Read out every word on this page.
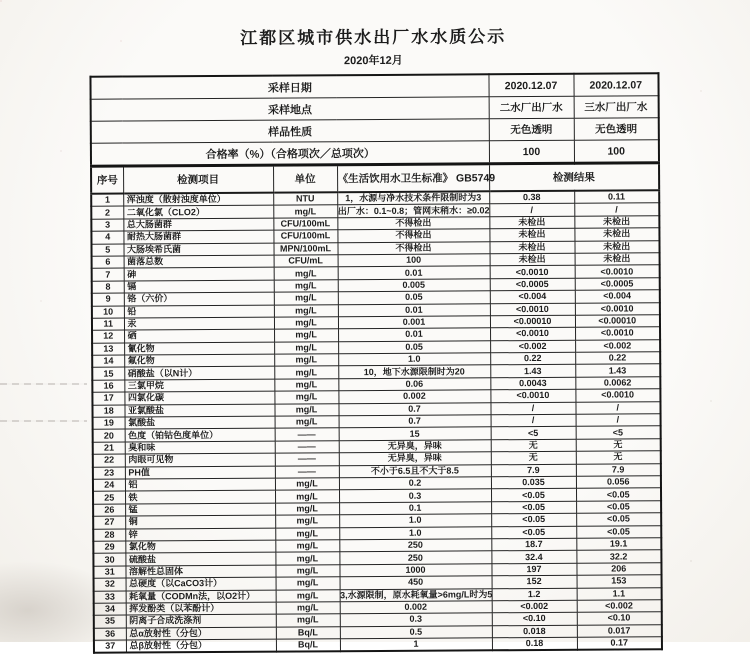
江都区城市供水出厂水水质公示
2020年12月
采样日期				2020.12.07	2020.12.07
采样地点				二水厂出厂水	三水厂出厂水
样品性质				无色透明	无色透明
合格率（%）（合格项次／总项次）				100	100
序号	检测项目	单位	《生活饮用水卫生标准》 GB5749	检测结果	
1	浑浊度（散射浊度单位）	NTU	1，水源与净水技术条件限制时为3	0.38	0.11
2	二氧化氯（CLO2）	mg/L	出厂水：0.1~0.8；管网末稍水：≥0.02	/	/
3	总大肠菌群	CFU/100mL	不得检出	未检出	未检出
4	耐热大肠菌群	CFU/100mL	不得检出	未检出	未检出
5	大肠埃希氏菌	MPN/100mL	不得检出	未检出	未检出
6	菌落总数	CFU/mL	100	未检出	未检出
7	砷	mg/L	0.01	<0.0010	<0.0010
8	镉	mg/L	0.005	<0.0005	<0.0005
9	铬（六价）	mg/L	0.05	<0.004	<0.004
10	铅	mg/L	0.01	<0.0010	<0.0010
11	汞	mg/L	0.001	<0.00010	<0.00010
12	硒	mg/L	0.01	<0.0010	<0.0010
13	氰化物	mg/L	0.05	<0.002	<0.002
14	氟化物	mg/L	1.0	0.22	0.22
15	硝酸盐（以N计）	mg/L	10，地下水源限制时为20	1.43	1.43
16	三氯甲烷	mg/L	0.06	0.0043	0.0062
17	四氯化碳	mg/L	0.002	<0.0010	<0.0010
18	亚氯酸盐	mg/L	0.7	/	/
19	氯酸盐	mg/L	0.7	/	/
20	色度（铂钴色度单位）	——	15	<5	<5
21	臭和味	——	无异臭，异味	无	无
22	肉眼可见物	——	无异臭，异味	无	无
23	PH值	——	不小于6.5且不大于8.5	7.9	7.9
24	铝	mg/L	0.2	0.035	0.056
25	铁	mg/L	0.3	<0.05	<0.05
26	锰	mg/L	0.1	<0.05	<0.05
27	铜	mg/L	1.0	<0.05	<0.05
28	锌	mg/L	1.0	<0.05	<0.05
29	氯化物	mg/L	250	18.7	19.1
30	硫酸盐	mg/L	250	32.4	32.2
31	溶解性总固体	mg/L	1000	197	206
32	总硬度（以CaCO3计）	mg/L	450	152	153
33	耗氧量（CODMn法，以O2计）	mg/L	3,水源限制，原水耗氧量>6mg/L时为5	1.2	1.1
34	挥发酚类（以苯酚计）	mg/L	0.002	<0.002	<0.002
35	阴离子合成洗涤剂	mg/L	0.3	<0.10	<0.10
36	总α放射性（分包）	Bq/L	0.5	0.018	0.017
37	总β放射性（分包）	Bq/L	1	0.18	0.17
